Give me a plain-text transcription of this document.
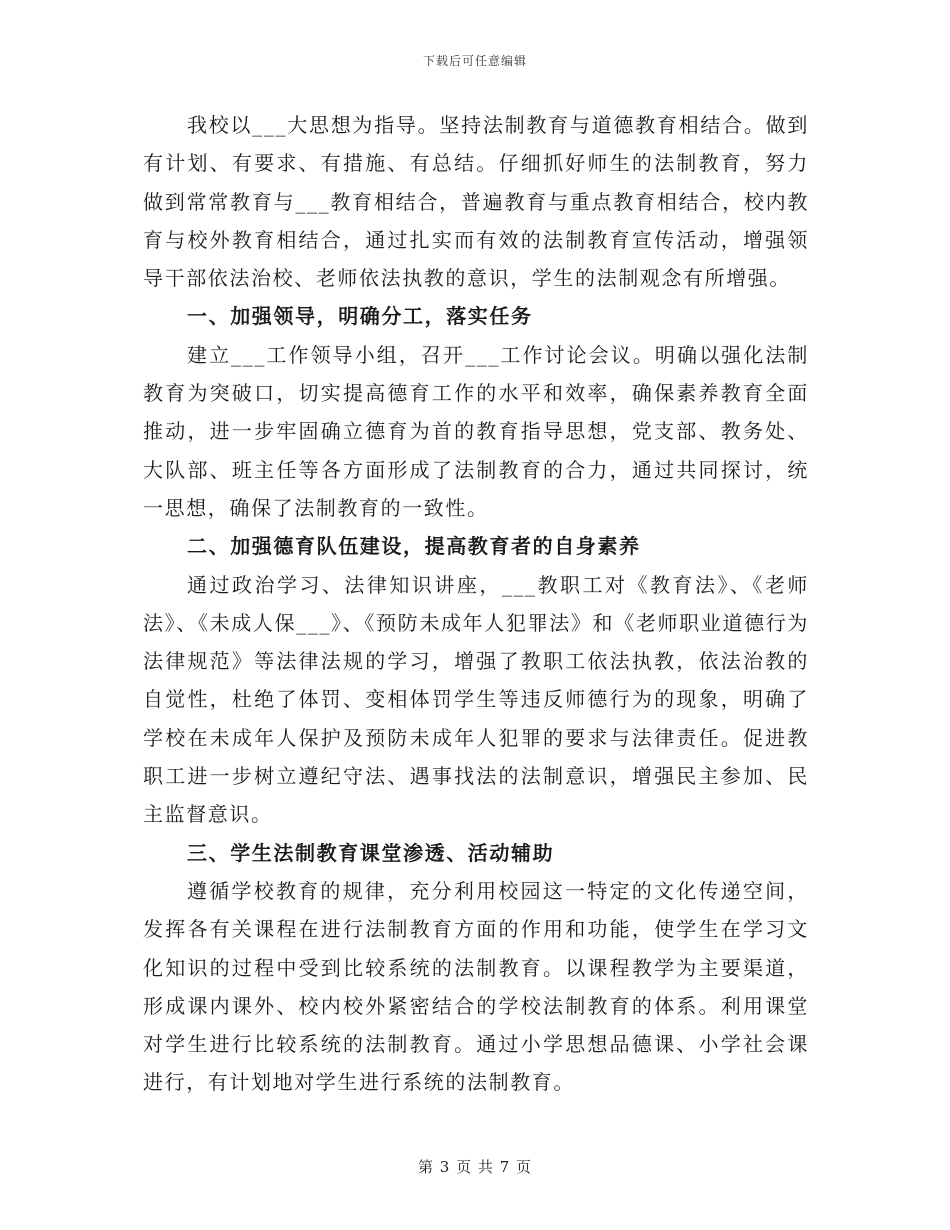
下载后可任意编辑

我校以___大思想为指导。坚持法制教育与道德教育相结合。做到有计划、有要求、有措施、有总结。仔细抓好师生的法制教育，努力做到常常教育与___教育相结合，普遍教育与重点教育相结合，校内教育与校外教育相结合，通过扎实而有效的法制教育宣传活动，增强领导干部依法治校、老师依法执教的意识，学生的法制观念有所增强。

一、加强领导，明确分工，落实任务

建立___工作领导小组，召开___工作讨论会议。明确以强化法制教育为突破口，切实提高德育工作的水平和效率，确保素养教育全面推动，进一步牢固确立德育为首的教育指导思想，党支部、教务处、大队部、班主任等各方面形成了法制教育的合力，通过共同探讨，统一思想，确保了法制教育的一致性。

二、加强德育队伍建设，提高教育者的自身素养

通过政治学习、法律知识讲座，___教职工对《教育法》、《老师法》、《未成人保___》、《预防未成年人犯罪法》和《老师职业道德行为法律规范》等法律法规的学习，增强了教职工依法执教，依法治教的自觉性，杜绝了体罚、变相体罚学生等违反师德行为的现象，明确了学校在未成年人保护及预防未成年人犯罪的要求与法律责任。促进教职工进一步树立遵纪守法、遇事找法的法制意识，增强民主参加、民主监督意识。

三、学生法制教育课堂渗透、活动辅助

遵循学校教育的规律，充分利用校园这一特定的文化传递空间，发挥各有关课程在进行法制教育方面的作用和功能，使学生在学习文化知识的过程中受到比较系统的法制教育。以课程教学为主要渠道，形成课内课外、校内校外紧密结合的学校法制教育的体系。利用课堂对学生进行比较系统的法制教育。通过小学思想品德课、小学社会课进行，有计划地对学生进行系统的法制教育。

第 3 页 共 7 页
